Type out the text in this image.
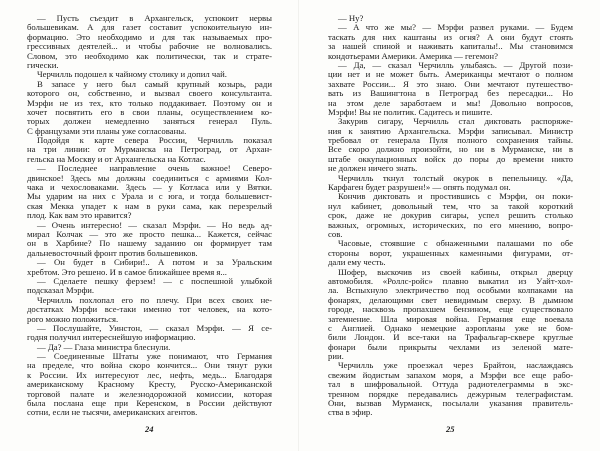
— Пусть съездит в Архангельск, успокоит нервы
большевикам. А для газет составит успокоительную ин-
формацию. Это необходимо и для так называемых про-
грессивных деятелей... и чтобы рабочие не волновались.
Словом, это необходимо как политически, так и страте-
гически.
Черчилль подошел к чайному столику и допил чай.
В запасе у него был самый крупный козырь, ради
которого он, собственно, и вызвал своего консультанта.
Мэрфи не из тех, кто только поддакивает. Поэтому он и
хочет посвятить его в свои планы, осуществлением ко-
торых должен немедленно заняться генерал Пуль.
С французами эти планы уже согласованы.
Подойдя к карте севера России, Черчилль показал
на три линии: от Мурманска на Петроград, от Архан-
гельска на Москву и от Архангельска на Котлас.
— Последнее направление очень важное! Северо-
двинское! Здесь мы должны соединиться с армиями Кол-
чака и чехословаками. Здесь — у Котласа или у Вятки.
Мы ударим на них с Урала и с юга, и тогда большевист-
ская Мекка упадет к нам в руки сама, как перезрелый
плод. Как вам это нравится?
— Очень интересно! — сказал Мэрфи. — Но ведь ад-
мирал Колчак — это же просто пешка... Кажется, сейчас
он в Харбине? По нашему заданию он формирует там
дальневосточный фронт против большевиков.
— Он будет в Сибири!.. А потом и за Уральским
хребтом. Это решено. И в самое ближайшее время я...
— Сделаете пешку ферзем! — с поспешной улыбкой
подсказал Мэрфи.
Черчилль похлопал его по плечу. При всех своих не-
достатках Мэрфи все-таки именно тот человек, на кото-
рого можно положиться.
— Послушайте, Уинстон, — сказал Мэрфи. — Я се-
годня получил интереснейшую информацию.
— Да? — Глаза министра блеснули.
— Соединенные Штаты уже понимают, что Германия
на пределе, что война скоро кончится... Они тянут руки
к России. Их интересуют лес, нефть, медь... Благодаря
американскому Красному Кресту, Русско-Американской
торговой палате и железнодорожной комиссии, которая
была послана еще при Керенском, в России действуют
сотни, если не тысячи, американских агентов.
— Ну?
— А что же мы? — Мэрфи развел руками. — Будем
таскать для них каштаны из огня? А они будут стоять
за нашей спиной и наживать капиталы!.. Мы становимся
кондотьерами Америки. Америка — гегемон?
— Да, — сказал Черчилль улыбаясь. — Другой пози-
ции нет и не может быть. Американцы мечтают о полном
захвате России... Я это знаю. Они мечтают путешество-
вать из Вашингтона в Петроград без пересадки... Но
на этом деле заработаем и мы! Довольно вопросов,
Мэрфи! Вы не политик. Садитесь и пишите.
Закурив сигару, Черчилль стал диктовать распоряже-
ния к занятию Архангельска. Мэрфи записывал. Министр
требовал от генерала Пуля полного сохранения тайны.
Все скоро должно произойти, но ни в Мурманске, ни в
штабе оккупационных войск до поры до времени никто
не должен ничего знать.
Черчилль ткнул толстый окурок в пепельницу. «Да,
Карфаген будет разрушен!» — опять подумал он.
Кончив диктовать и простившись с Мэрфи, он поки-
нул кабинет, довольный тем, что за такой короткий
срок, даже не докурив сигары, успел решить столько
важных, огромных, исторических, по его мнению, вопро-
сов.
Часовые, стоявшие с обнаженными палашами по обе
стороны ворот, украшенных каменными фигурами, от-
дали ему честь.
Шофер, выскочив из своей кабины, открыл дверцу
автомобиля. «Роллс-ройс» плавно выкатил из Уайт-хол-
ла. Вспыхнуло электричество под особыми колпаками на
фонарях, делающими свет невидимым сверху. В дымном
городе, насквозь пропахшем бензином, еще существовало
затемнение. Шла мировая война. Германия еще воевала
с Англией. Однако немецкие аэропланы уже не бом-
били Лондон. И все-таки на Трафальгар-сквере круглые
фонари были прикрыты чехлами из зеленой мате-
рии.
Черчилль уже проезжал через Брайтон, наслаждаясь
свежим йодистым запахом моря, а Мэрфи все еще рабо-
тал в шифровальной. Оттуда радиотелеграммы в экс-
тренном порядке передавались дежурным телеграфистам.
Они, вызвав Мурманск, посылали указания правитель-
ства в эфир.
24	25
